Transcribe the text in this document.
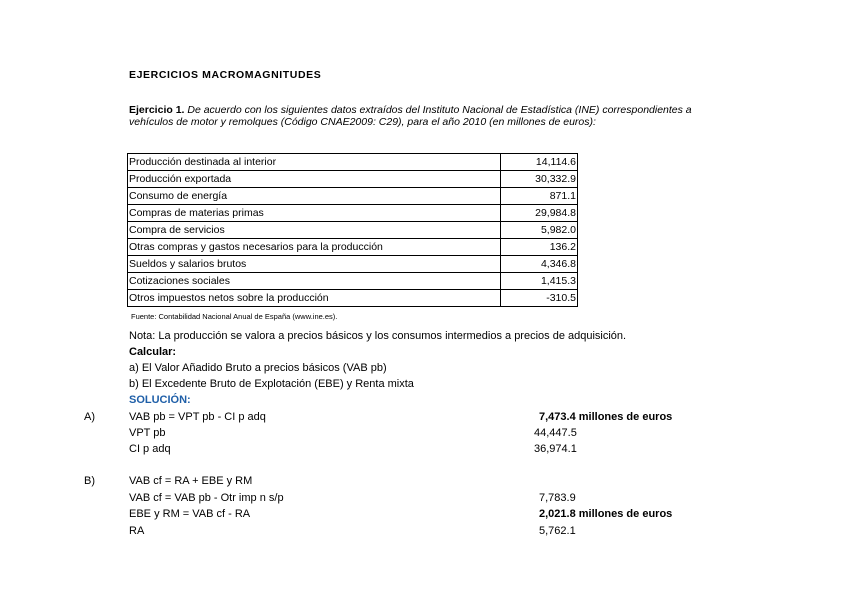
EJERCICIOS MACROMAGNITUDES
Ejercicio 1. De acuerdo con los siguientes datos extraídos del Instituto Nacional de Estadística (INE) correspondientes a vehículos de motor y remolques (Código CNAE2009: C29), para el año 2010 (en millones de euros):
Producción destinada al interior	14,114.6
Producción exportada	30,332.9
Consumo de energía	871.1
Compras de materias primas	29,984.8
Compra de servicios	5,982.0
Otras compras y gastos necesarios para la producción	136.2
Sueldos y salarios brutos	4,346.8
Cotizaciones sociales	1,415.3
Otros impuestos netos sobre la producción	-310.5
Fuente: Contabilidad Nacional Anual de España (www.ine.es).
Nota: La producción se valora a precios básicos y los consumos intermedios a precios de adquisición.
Calcular:
a) El Valor Añadido Bruto a precios básicos (VAB pb)
b) El Excedente Bruto de Explotación (EBE) y Renta mixta
SOLUCIÓN:
A)	VAB pb = VPT pb - CI p adq	7,473.4 millones de euros
VPT pb	44,447.5
CI p adq	36,974.1
B)	VAB cf = RA + EBE y RM
VAB cf = VAB pb - Otr imp n s/p	7,783.9
EBE y RM = VAB cf - RA	2,021.8 millones de euros
RA	5,762.1
